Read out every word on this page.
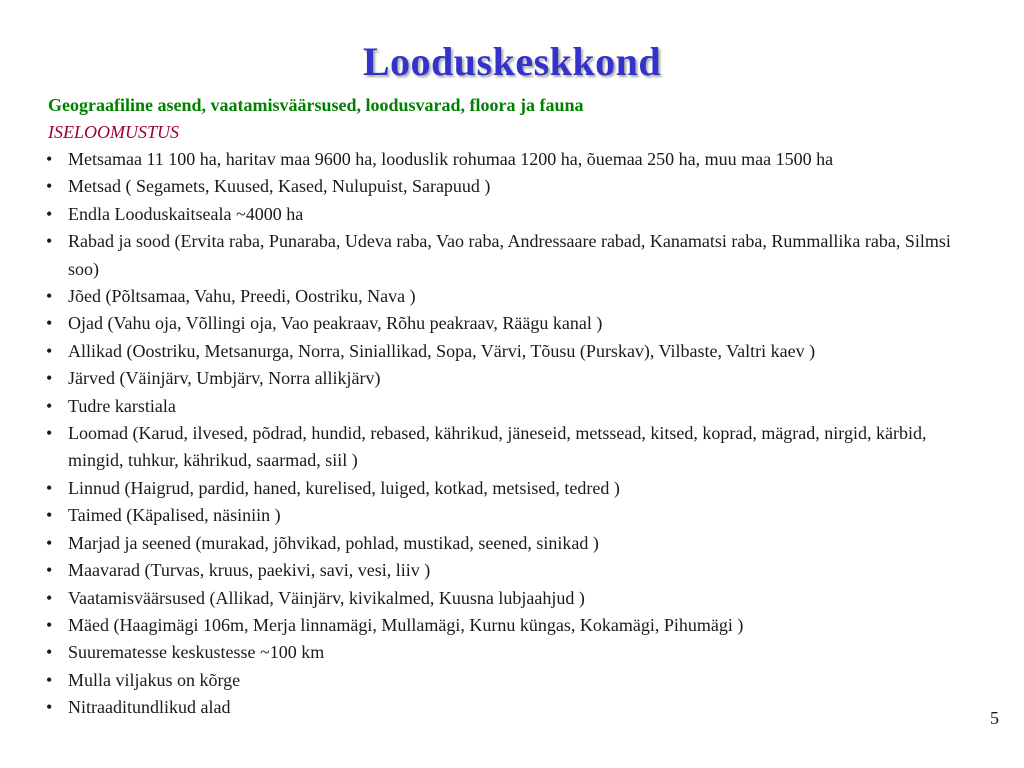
Looduskeskkond
Geograafiline asend, vaatamisväärsused, loodusvarad, floora ja fauna
ISELOOMUSTUS
• Metsamaa 11 100 ha, haritav maa 9600 ha, looduslik rohumaa 1200 ha, õuemaa 250 ha, muu maa 1500 ha
• Metsad ( Segamets, Kuused, Kased, Nulupuist, Sarapuud )
• Endla Looduskaitseala ~4000 ha
• Rabad ja sood (Ervita raba, Punaraba, Udeva raba, Vao raba, Andressaare rabad, Kanamatsi raba, Rummallika raba, Silmsi soo)
• Jõed (Põltsamaa, Vahu, Preedi, Oostriku, Nava )
• Ojad (Vahu oja, Võllingi oja, Vao peakraav, Rõhu peakraav, Räägu kanal )
• Allikad (Oostriku, Metsanurga, Norra, Siniallikad, Sopa, Värvi, Tõusu (Purskav), Vilbaste, Valtri kaev )
• Järved (Väinjärv, Umbjärv, Norra allikjärv)
• Tudre karstiala
• Loomad (Karud, ilvesed, põdrad, hundid, rebased, kährikud, jäneseid, metssead, kitsed, koprad, mägrad, nirgid, kärbid, mingid, tuhkur, kährikud, saarmad, siil )
• Linnud (Haigrud, pardid, haned, kurelised, luiged, kotkad, metsised, tedred )
• Taimed (Käpalised, näsiniin )
• Marjad ja seened (murakad, jõhvikad, pohlad, mustikad, seened, sinikad )
• Maavarad (Turvas, kruus, paekivi, savi, vesi, liiv )
• Vaatamisväärsused (Allikad, Väinjärv, kivikalmed, Kuusna lubjaahjud )
• Mäed (Haagimägi 106m, Merja linnamägi, Mullamägi, Kurnu küngas, Kokamägi, Pihumägi )
• Suurematesse keskustesse ~100 km
• Mulla viljakus on kõrge
• Nitraaditundlikud alad
5
